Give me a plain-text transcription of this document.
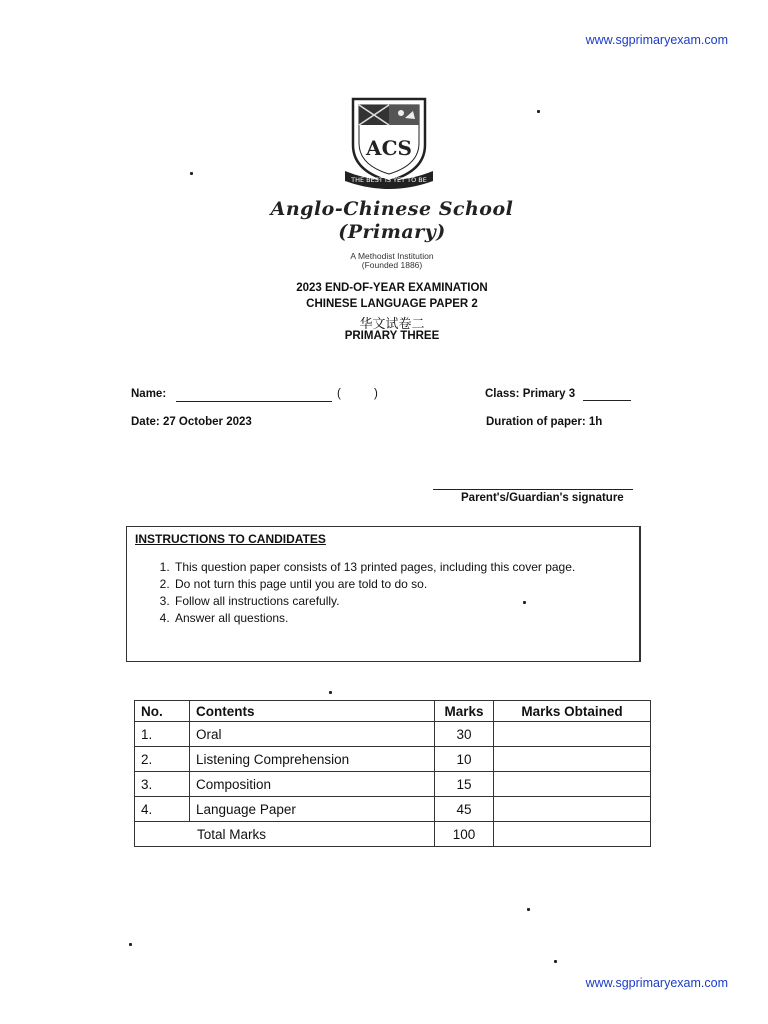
www.sgprimaryexam.com
ACS
THE BEST IS YET TO BE
Anglo-Chinese School
(Primary)
A Methodist Institution
(Founded 1886)
2023 END-OF-YEAR EXAMINATION
CHINESE LANGUAGE PAPER 2
华文试卷二
PRIMARY THREE
Name:	(	)	Class: Primary 3
Date: 27 October 2023	Duration of paper: 1h
Parent's/Guardian's signature
INSTRUCTIONS TO CANDIDATES
1. This question paper consists of 13 printed pages, including this cover page.
2. Do not turn this page until you are told to do so.
3. Follow all instructions carefully.
4. Answer all questions.
No.	Contents	Marks	Marks Obtained
1.	Oral	30	
2.	Listening Comprehension	10	
3.	Composition	15	
4.	Language Paper	45	
Total Marks		100	
www.sgprimaryexam.com
